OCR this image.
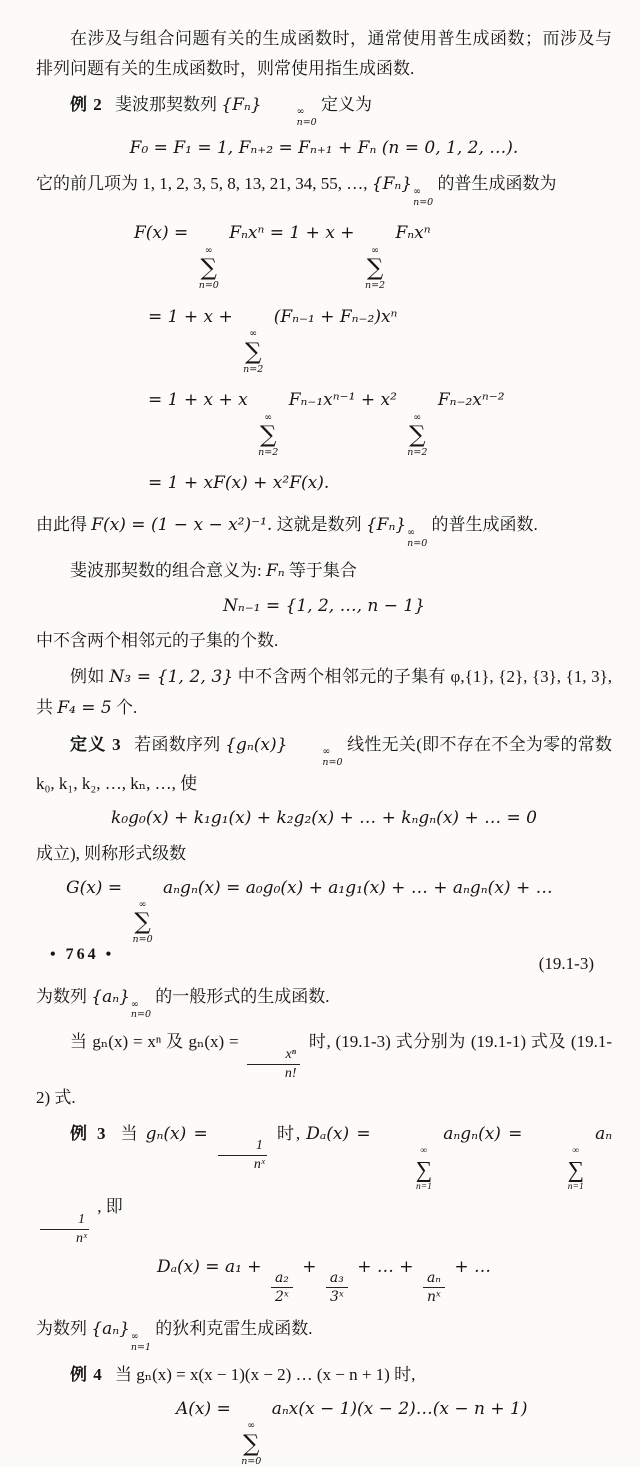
在涉及与组合问题有关的生成函数时，通常使用普生成函数；而涉及与排列问题有关的生成函数时，则常使用指生成函数.

例 2 斐波那契数列 {Fₙ}	∞
n=0
定义为

F₀ = F₁ = 1, Fₙ₊₂ = Fₙ₊₁ + Fₙ (n = 0, 1, 2, …).

它的前几项为 1, 1, 2, 3, 5, 8, 13, 21, 34, 55, …, {Fₙ} ∞
n=0
的普生成函数为

F(x) =
∞
∑
n=0
Fₙxⁿ = 1 + x +
∞
∑
n=2
Fₙxⁿ
= 1 + x +
∞
∑
n=2
(Fₙ₋₁ + Fₙ₋₂)xⁿ
= 1 + x + x
∞
∑
n=2
Fₙ₋₁xⁿ⁻¹ + x²
∞
∑
n=2
Fₙ₋₂xⁿ⁻²
= 1 + xF(x) + x²F(x).

由此得 F(x) = (1 − x − x²)⁻¹. 这就是数列 {Fₙ} ∞
n=0
的普生成函数.

斐波那契数的组合意义为: Fₙ 等于集合

Nₙ₋₁ = {1, 2, …, n − 1}

中不含两个相邻元的子集的个数.

例如 N₃ = {1, 2, 3} 中不含两个相邻元的子集有 φ,{1}, {2}, {3}, {1, 3}, 共 F₄ = 5 个.

定义 3 若函数序列 {gₙ(x)}	∞
n=0
线性无关(即不存在不全为零的常数 k₀, k₁, k₂, …, kₙ, …, 使

k₀g₀(x) + k₁g₁(x) + k₂g₂(x) + … + kₙgₙ(x) + … = 0

成立), 则称形式级数

G(x) =
∞
∑
n=0
aₙgₙ(x) = a₀g₀(x) + a₁g₁(x) + … + aₙgₙ(x) + …
(19.1-3)

为数列 {aₙ} ∞
n=0
的一般形式的生成函数.

当 gₙ(x) = xⁿ 及 gₙ(x) =
$\frac{\text{xⁿ}}{n!}$
时, (19.1-3) 式分别为 (19.1-1) 式及 (19.1-2) 式.

例 3 当 gₙ(x) =
$\frac{1}{\text{nˣ}}$
时, Dₐ(x) =
∞
∑
n=1
aₙgₙ(x) =
∞
∑
n=1
aₙ
$\frac{1}{\text{nˣ}}$
, 即

Dₐ(x) = a₁ +
$\frac{\text{a₂}}{\text{2ˣ}}$
+
$\frac{\text{a₃}}{\text{3ˣ}}$
+ … +
$\frac{\text{aₙ}}{\text{nˣ}}$
+ …

为数列 {aₙ} ∞
n=1
的狄利克雷生成函数.

例 4 当 gₙ(x) = x(x − 1)(x − 2) … (x − n + 1) 时,

A(x) =
∞
∑
n=0
aₙx(x − 1)(x − 2)…(x − n + 1)
• 764 •
